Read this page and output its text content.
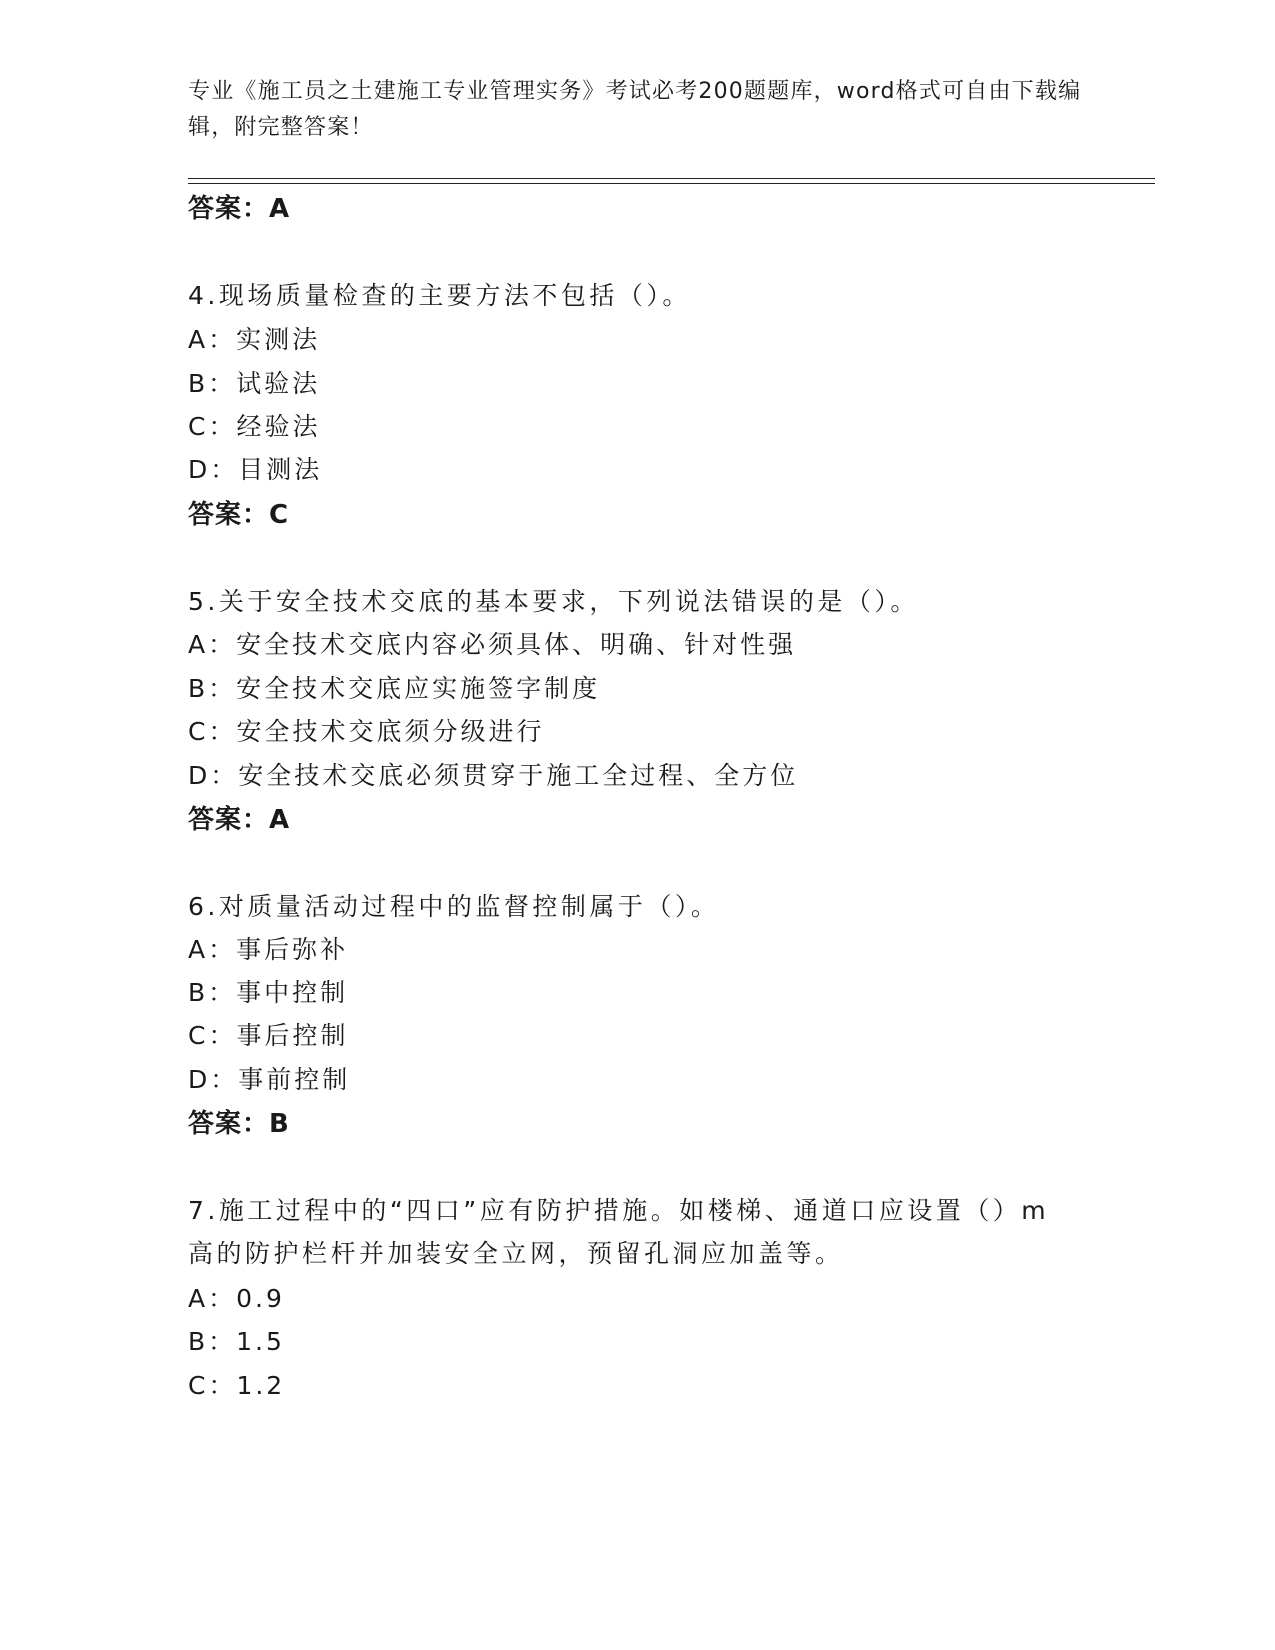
专业《施工员之土建施工专业管理实务》考试必考200题题库，word格式可自由下载编辑，附完整答案！
答案：A
4.现场质量检查的主要方法不包括（）。
A：实测法
B：试验法
C：经验法
D：目测法
答案：C
5.关于安全技术交底的基本要求，下列说法错误的是（）。
A：安全技术交底内容必须具体、明确、针对性强
B：安全技术交底应实施签字制度
C：安全技术交底须分级进行
D：安全技术交底必须贯穿于施工全过程、全方位
答案：A
6.对质量活动过程中的监督控制属于（）。
A：事后弥补
B：事中控制
C：事后控制
D：事前控制
答案：B
7.施工过程中的“四口”应有防护措施。如楼梯、通道口应设置（）m
高的防护栏杆并加装安全立网，预留孔洞应加盖等。
A：0.9
B：1.5
C：1.2
